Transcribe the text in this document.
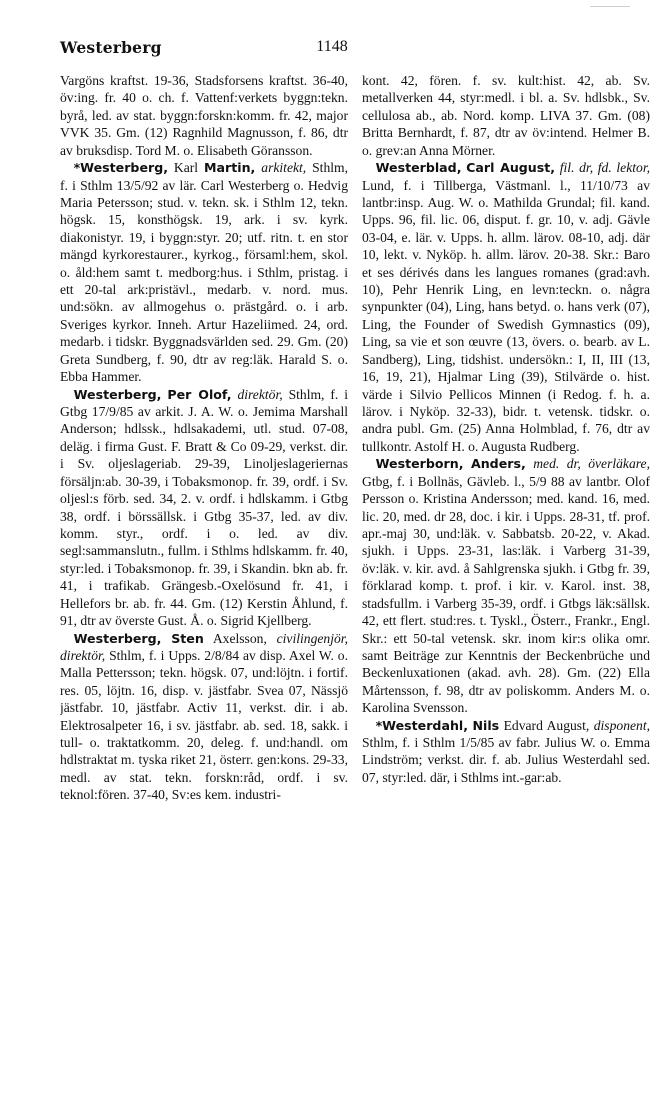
Westerberg	1148

Vargöns kraftst. 19-36, Stadsforsens kraftst. 36-40, öv:ing. fr. 40 o. ch. f. Vattenf:verkets byggn:tekn. byrå, led. av stat. byggn:forskn:komm. fr. 42, major VVK 35. Gm. (12) Ragnhild Magnusson, f. 86, dtr av bruksdisp. Tord M. o. Elisabeth Göransson.

*Westerberg, Karl Martin, arkitekt, Sthlm, f. i Sthlm 13/5/92 av lär. Carl Westerberg o. Hedvig Maria Petersson; stud. v. tekn. sk. i Sthlm 12, tekn. högsk. 15, konsthögsk. 19, ark. i sv. kyrk. diakonistyr. 19, i byggn:styr. 20; utf. ritn. t. en stor mängd kyrkorestaurer., kyrkog., församl:hem, skol. o. åld:hem samt t. medborg:hus. i Sthlm, pristag. i ett 20-tal ark:pristävl., medarb. v. nord. mus. und:sökn. av allmogehus o. prästgård. o. i arb. Sveriges kyrkor. Inneh. Artur Hazeliimed. 24, ord. medarb. i tidskr. Byggnadsvärlden sed. 29. Gm. (20) Greta Sundberg, f. 90, dtr av reg:läk. Harald S. o. Ebba Hammer.

Westerberg, Per Olof, direktör, Sthlm, f. i Gtbg 17/9/85 av arkit. J. A. W. o. Jemima Marshall Anderson; hdlssk., hdlsakademi, utl. stud. 07-08, deläg. i firma Gust. F. Bratt & Co 09-29, verkst. dir. i Sv. oljeslageriab. 29-39, Linoljeslageriernas försäljn:ab. 30-39, i Tobaksmonop. fr. 39, ordf. i Sv. oljesl:s förb. sed. 34, 2. v. ordf. i hdlskamm. i Gtbg 38, ordf. i börssällsk. i Gtbg 35-37, led. av div. komm. styr., ordf. i o. led. av div. segl:sammanslutn., fullm. i Sthlms hdlskamm. fr. 40, styr:led. i Tobaksmonop. fr. 39, i Skandin. bkn ab. fr. 41, i trafikab. Grängesb.-Oxelösund fr. 41, i Hellefors br. ab. fr. 44. Gm. (12) Kerstin Åhlund, f. 91, dtr av överste Gust. Å. o. Sigrid Kjellberg.

Westerberg, Sten Axelsson, civilingenjör, direktör, Sthlm, f. i Upps. 2/8/84 av disp. Axel W. o. Malla Pettersson; tekn. högsk. 07, und:löjtn. i fortif. res. 05, löjtn. 16, disp. v. jästfabr. Svea 07, Nässjö jästfabr. 10, jästfabr. Activ 11, verkst. dir. i ab. Elektrosalpeter 16, i sv. jästfabr. ab. sed. 18, sakk. i tull- o. traktatkomm. 20, deleg. f. und:handl. om hdlstraktat m. tyska riket 21, österr. gen:kons. 29-33, medl. av stat. tekn. forskn:råd, ordf. i sv. teknol:fören. 37-40, Sv:es kem. industri-

kont. 42, fören. f. sv. kult:hist. 42, ab. Sv. metallverken 44, styr:medl. i bl. a. Sv. hdlsbk., Sv. cellulosa ab., ab. Nord. komp. LIVA 37. Gm. (08) Britta Bernhardt, f. 87, dtr av öv:intend. Helmer B. o. grev:an Anna Mörner.

Westerblad, Carl August, fil. dr, fd. lektor, Lund, f. i Tillberga, Västmanl. l., 11/10/73 av lantbr:insp. Aug. W. o. Mathilda Grundal; fil. kand. Upps. 96, fil. lic. 06, disput. f. gr. 10, v. adj. Gävle 03-04, e. lär. v. Upps. h. allm. lärov. 08-10, adj. där 10, lekt. v. Nyköp. h. allm. lärov. 20-38. Skr.: Baro et ses dérivés dans les langues romanes (grad:avh. 10), Pehr Henrik Ling, en levn:teckn. o. några synpunkter (04), Ling, hans betyd. o. hans verk (07), Ling, the Founder of Swedish Gymnastics (09), Ling, sa vie et son œuvre (13, övers. o. bearb. av L. Sandberg), Ling, tidshist. undersökn.: I, II, III (13, 16, 19, 21), Hjalmar Ling (39), Stilvärde o. hist. värde i Silvio Pellicos Minnen (i Redog. f. h. a. lärov. i Nyköp. 32-33), bidr. t. vetensk. tidskr. o. andra publ. Gm. (25) Anna Holmblad, f. 76, dtr av tullkontr. Astolf H. o. Augusta Rudberg.

Westerborn, Anders, med. dr, överläkare, Gtbg, f. i Bollnäs, Gävleb. l., 5/9 88 av lantbr. Olof Persson o. Kristina Andersson; med. kand. 16, med. lic. 20, med. dr 28, doc. i kir. i Upps. 28-31, tf. prof. apr.-maj 30, und:läk. v. Sabbatsb. 20-22, v. Akad. sjukh. i Upps. 23-31, las:läk. i Varberg 31-39, öv:läk. v. kir. avd. å Sahlgrenska sjukh. i Gtbg fr. 39, förklarad komp. t. prof. i kir. v. Karol. inst. 38, stadsfullm. i Varberg 35-39, ordf. i Gtbgs läk:sällsk. 42, ett flert. stud:res. t. Tyskl., Österr., Frankr., Engl. Skr.: ett 50-tal vetensk. skr. inom kir:s olika omr. samt Beiträge zur Kenntnis der Beckenbrüche und Beckenluxationen (akad. avh. 28). Gm. (22) Ella Mårtensson, f. 98, dtr av poliskomm. Anders M. o. Karolina Svensson.

*Westerdahl, Nils Edvard August, disponent, Sthlm, f. i Sthlm 1/5/85 av fabr. Julius W. o. Emma Lindström; verkst. dir. f. ab. Julius Westerdahl sed. 07, styr:led. där, i Sthlms int.-gar:ab.
